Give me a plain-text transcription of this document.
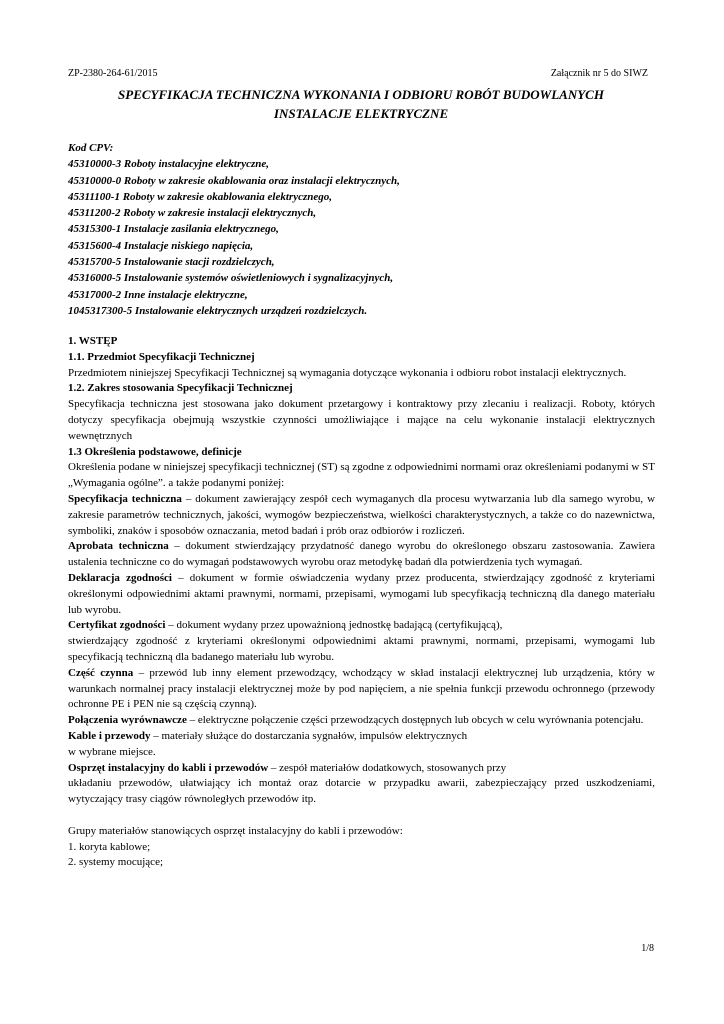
ZP-2380-264-61/2015	Załącznik nr 5 do SIWZ
SPECYFIKACJA TECHNICZNA WYKONANIA I ODBIORU ROBÓT BUDOWLANYCH
INSTALACJE ELEKTRYCZNE
Kod CPV:
45310000-3 Roboty instalacyjne elektryczne,
45310000-0 Roboty w zakresie okablowania oraz instalacji elektrycznych,
45311100-1 Roboty w zakresie okablowania elektrycznego,
45311200-2 Roboty w zakresie instalacji elektrycznych,
45315300-1 Instalacje zasilania elektrycznego,
45315600-4 Instalacje niskiego napięcia,
45315700-5 Instalowanie stacji rozdzielczych,
45316000-5 Instalowanie systemów oświetleniowych i sygnalizacyjnych,
45317000-2 Inne instalacje elektryczne,
1045317300-5 Instalowanie elektrycznych urządzeń rozdzielczych.

1. WSTĘP

1.1. Przedmiot Specyfikacji Technicznej

Przedmiotem niniejszej Specyfikacji Technicznej są wymagania dotyczące wykonania i odbioru robot instalacji elektrycznych.

1.2. Zakres stosowania Specyfikacji Technicznej

Specyfikacja techniczna jest stosowana jako dokument przetargowy i kontraktowy przy zlecaniu i realizacji. Roboty, których dotyczy specyfikacja obejmują wszystkie czynności umożliwiające i mające na celu wykonanie instalacji elektrycznych wewnętrznych

1.3 Określenia podstawowe, definicje

Określenia podane w niniejszej specyfikacji technicznej (ST) są zgodne z odpowiednimi normami oraz określeniami podanymi w ST „Wymagania ogólne”. a także podanymi poniżej:

Specyfikacja techniczna – dokument zawierający zespół cech wymaganych dla procesu wytwarzania lub dla samego wyrobu, w zakresie parametrów technicznych, jakości, wymogów bezpieczeństwa, wielkości charakterystycznych, a także co do nazewnictwa, symboliki, znaków i sposobów oznaczania, metod badań i prób oraz odbiorów i rozliczeń.

Aprobata techniczna – dokument stwierdzający przydatność danego wyrobu do określonego obszaru zastosowania. Zawiera ustalenia techniczne co do wymagań podstawowych wyrobu oraz metodykę badań dla potwierdzenia tych wymagań.

Deklaracja zgodności – dokument w formie oświadczenia wydany przez producenta, stwierdzający zgodność z kryteriami określonymi odpowiednimi aktami prawnymi, normami, przepisami, wymogami lub specyfikacją techniczną dla danego materiału lub wyrobu.

Certyfikat zgodności – dokument wydany przez upoważnioną jednostkę badającą (certyfikującą),

stwierdzający zgodność z kryteriami określonymi odpowiednimi aktami prawnymi, normami, przepisami, wymogami lub specyfikacją techniczną dla badanego materiału lub wyrobu.

Część czynna – przewód lub inny element przewodzący, wchodzący w skład instalacji elektrycznej lub urządzenia, który w warunkach normalnej pracy instalacji elektrycznej może by pod napięciem, a nie spełnia funkcji przewodu ochronnego (przewody ochronne PE i PEN nie są częścią czynną).

Połączenia wyrównawcze – elektryczne połączenie części przewodzących dostępnych lub obcych w celu wyrównania potencjału.

Kable i przewody – materiały służące do dostarczania sygnałów, impulsów elektrycznych

w wybrane miejsce.

Osprzęt instalacyjny do kabli i przewodów – zespół materiałów dodatkowych, stosowanych przy

układaniu przewodów, ułatwiający ich montaż oraz dotarcie w przypadku awarii, zabezpieczający przed uszkodzeniami, wytyczający trasy ciągów równoległych przewodów itp.

Grupy materiałów stanowiących osprzęt instalacyjny do kabli i przewodów:

1. koryta kablowe;

2. systemy mocujące;

1/8
